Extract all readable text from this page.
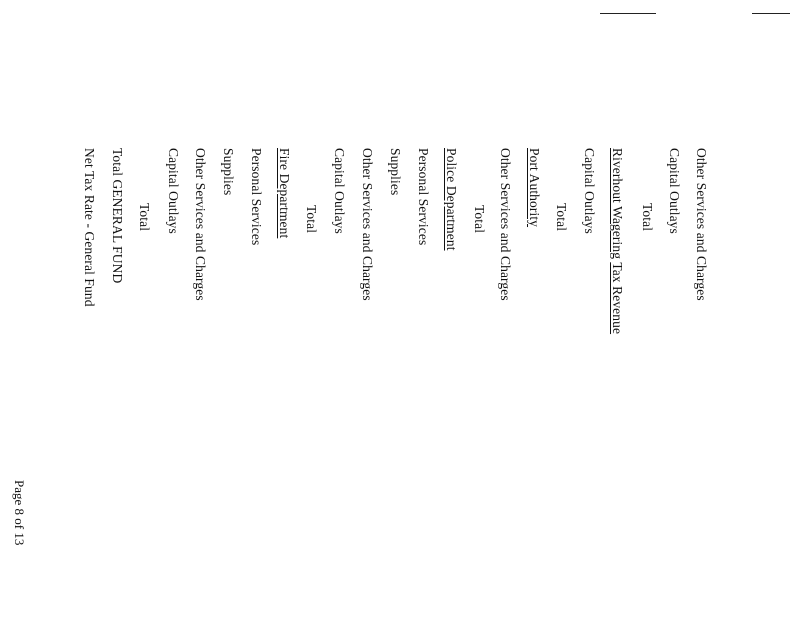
Other Services and Charges
Capital Outlays
Total
Riverhout Wagering Tax Revenue
Capital Outlays
Total
Port Authority
Other Services and Charges
Total
Police Department
Personal Services
Supplies
Other Services and Charges
Capital Outlays
Total
Fire Department
Personal Services
Supplies
Other Services and Charges
Capital Outlays
Total
Total GENERAL FUND
Net Tax Rate - General Fund
Page 8 of 13
